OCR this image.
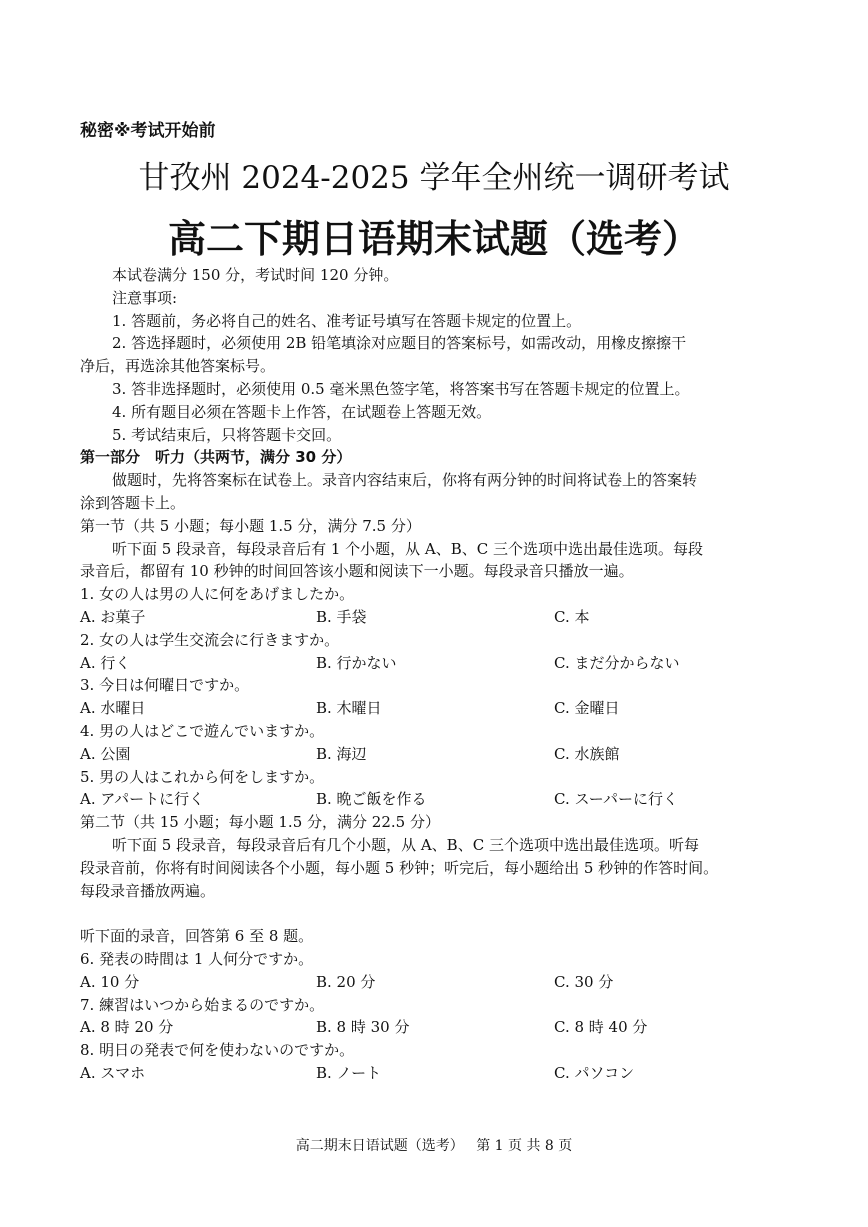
秘密※考试开始前
甘孜州 2024-2025 学年全州统一调研考试
高二下期日语期末试题（选考）
本试卷满分 150 分，考试时间 120 分钟。
注意事项:
1. 答题前，务必将自己的姓名、准考证号填写在答题卡规定的位置上。
2. 答选择题时，必须使用 2B 铅笔填涂对应题目的答案标号，如需改动，用橡皮擦擦干
净后，再选涂其他答案标号。
3. 答非选择题时，必须使用 0.5 毫米黑色签字笔，将答案书写在答题卡规定的位置上。
4. 所有题目必须在答题卡上作答，在试题卷上答题无效。
5. 考试结束后，只将答题卡交回。
第一部分　听力（共两节，满分 30 分）
做题时，先将答案标在试卷上。录音内容结束后，你将有两分钟的时间将试卷上的答案转
涂到答题卡上。
第一节（共 5 小题；每小题 1.5 分，满分 7.5 分）
听下面 5 段录音，每段录音后有 1 个小题，从 A、B、C 三个选项中选出最佳选项。每段
录音后，都留有 10 秒钟的时间回答该小题和阅读下一小题。每段录音只播放一遍。
1. 女の人は男の人に何をあげましたか。
A. お菓子	B. 手袋	C. 本
2. 女の人は学生交流会に行きますか。
A. 行く	B. 行かない	C. まだ分からない
3. 今日は何曜日ですか。
A. 水曜日	B. 木曜日	C. 金曜日
4. 男の人はどこで遊んでいますか。
A. 公園	B. 海辺	C. 水族館
5. 男の人はこれから何をしますか。
A. アパートに行く	B. 晩ご飯を作る	C. スーパーに行く
第二节（共 15 小题；每小题 1.5 分，满分 22.5 分）
听下面 5 段录音，每段录音后有几个小题，从 A、B、C 三个选项中选出最佳选项。听每
段录音前，你将有时间阅读各个小题，每小题 5 秒钟；听完后，每小题给出 5 秒钟的作答时间。
每段录音播放两遍。
听下面的录音，回答第 6 至 8 题。
6. 発表の時間は 1 人何分ですか。
A. 10 分	B. 20 分	C. 30 分
7. 練習はいつから始まるのですか。
A. 8 時 20 分	B. 8 時 30 分	C. 8 時 40 分
8. 明日の発表で何を使わないのですか。
A. スマホ	B. ノート	C. パソコン
高二期末日语试题（选考） 第 1 页 共 8 页
